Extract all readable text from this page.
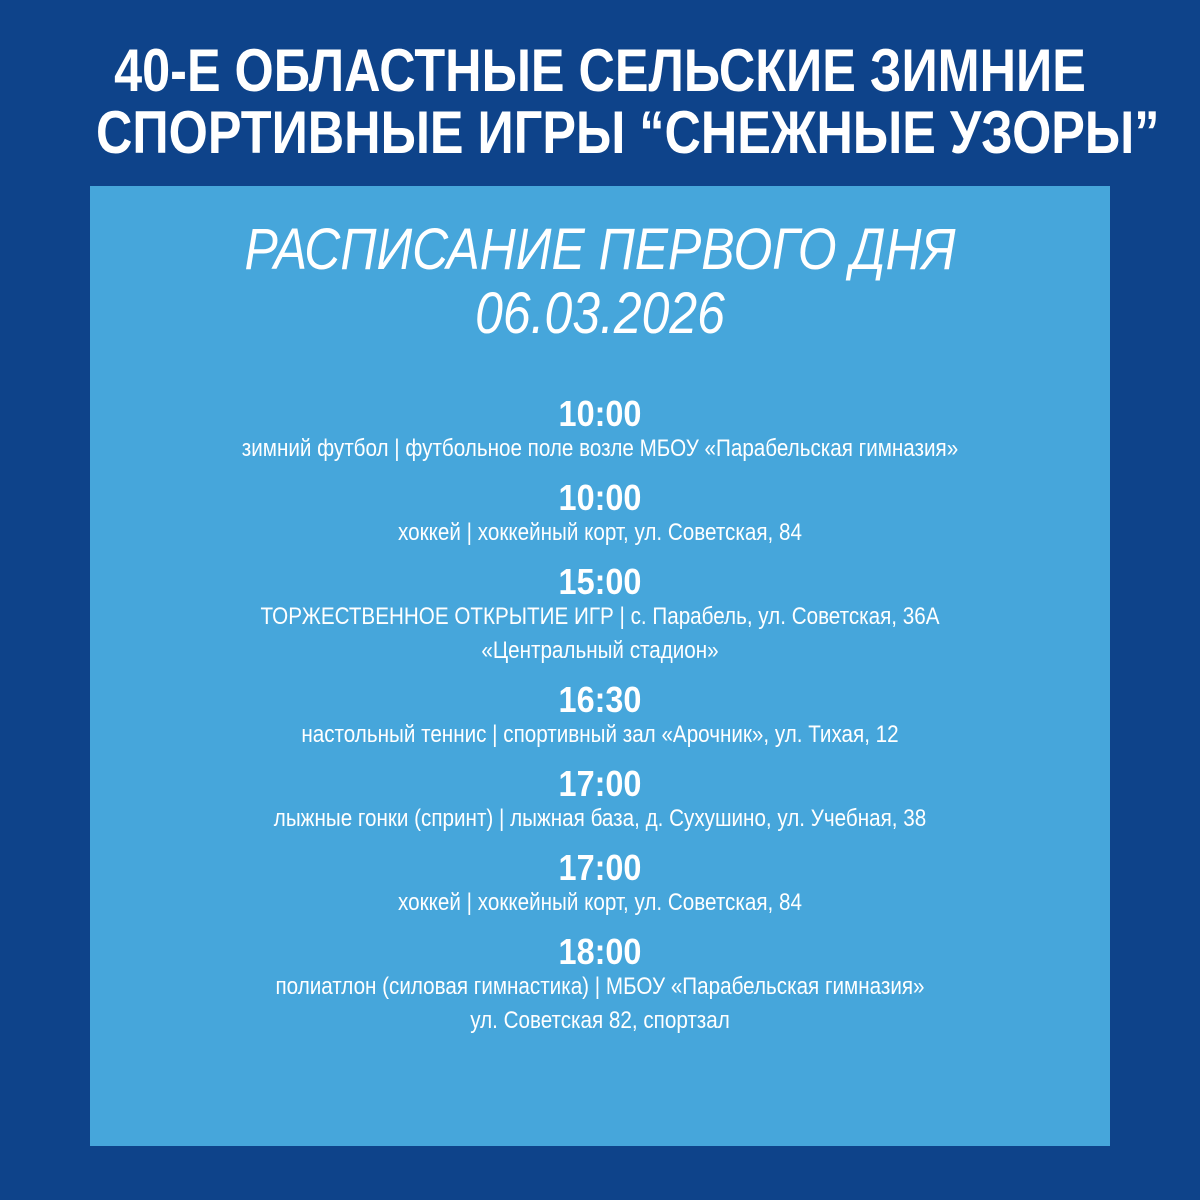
40-Е ОБЛАСТНЫЕ СЕЛЬСКИЕ ЗИМНИЕ
СПОРТИВНЫЕ ИГРЫ “СНЕЖНЫЕ УЗОРЫ”
РАСПИСАНИЕ ПЕРВОГО ДНЯ
06.03.2026
10:00
зимний футбол | футбольное поле возле МБОУ «Парабельская гимназия»
10:00
хоккей | хоккейный корт, ул. Советская, 84
15:00
ТОРЖЕСТВЕННОЕ ОТКРЫТИЕ ИГР | с. Парабель, ул. Советская, 36А
«Центральный стадион»
16:30
настольный теннис | спортивный зал «Арочник», ул. Тихая, 12
17:00
лыжные гонки (спринт) | лыжная база, д. Сухушино, ул. Учебная, 38
17:00
хоккей | хоккейный корт, ул. Советская, 84
18:00
полиатлон (силовая гимнастика) | МБОУ «Парабельская гимназия»
ул. Советская 82, спортзал
